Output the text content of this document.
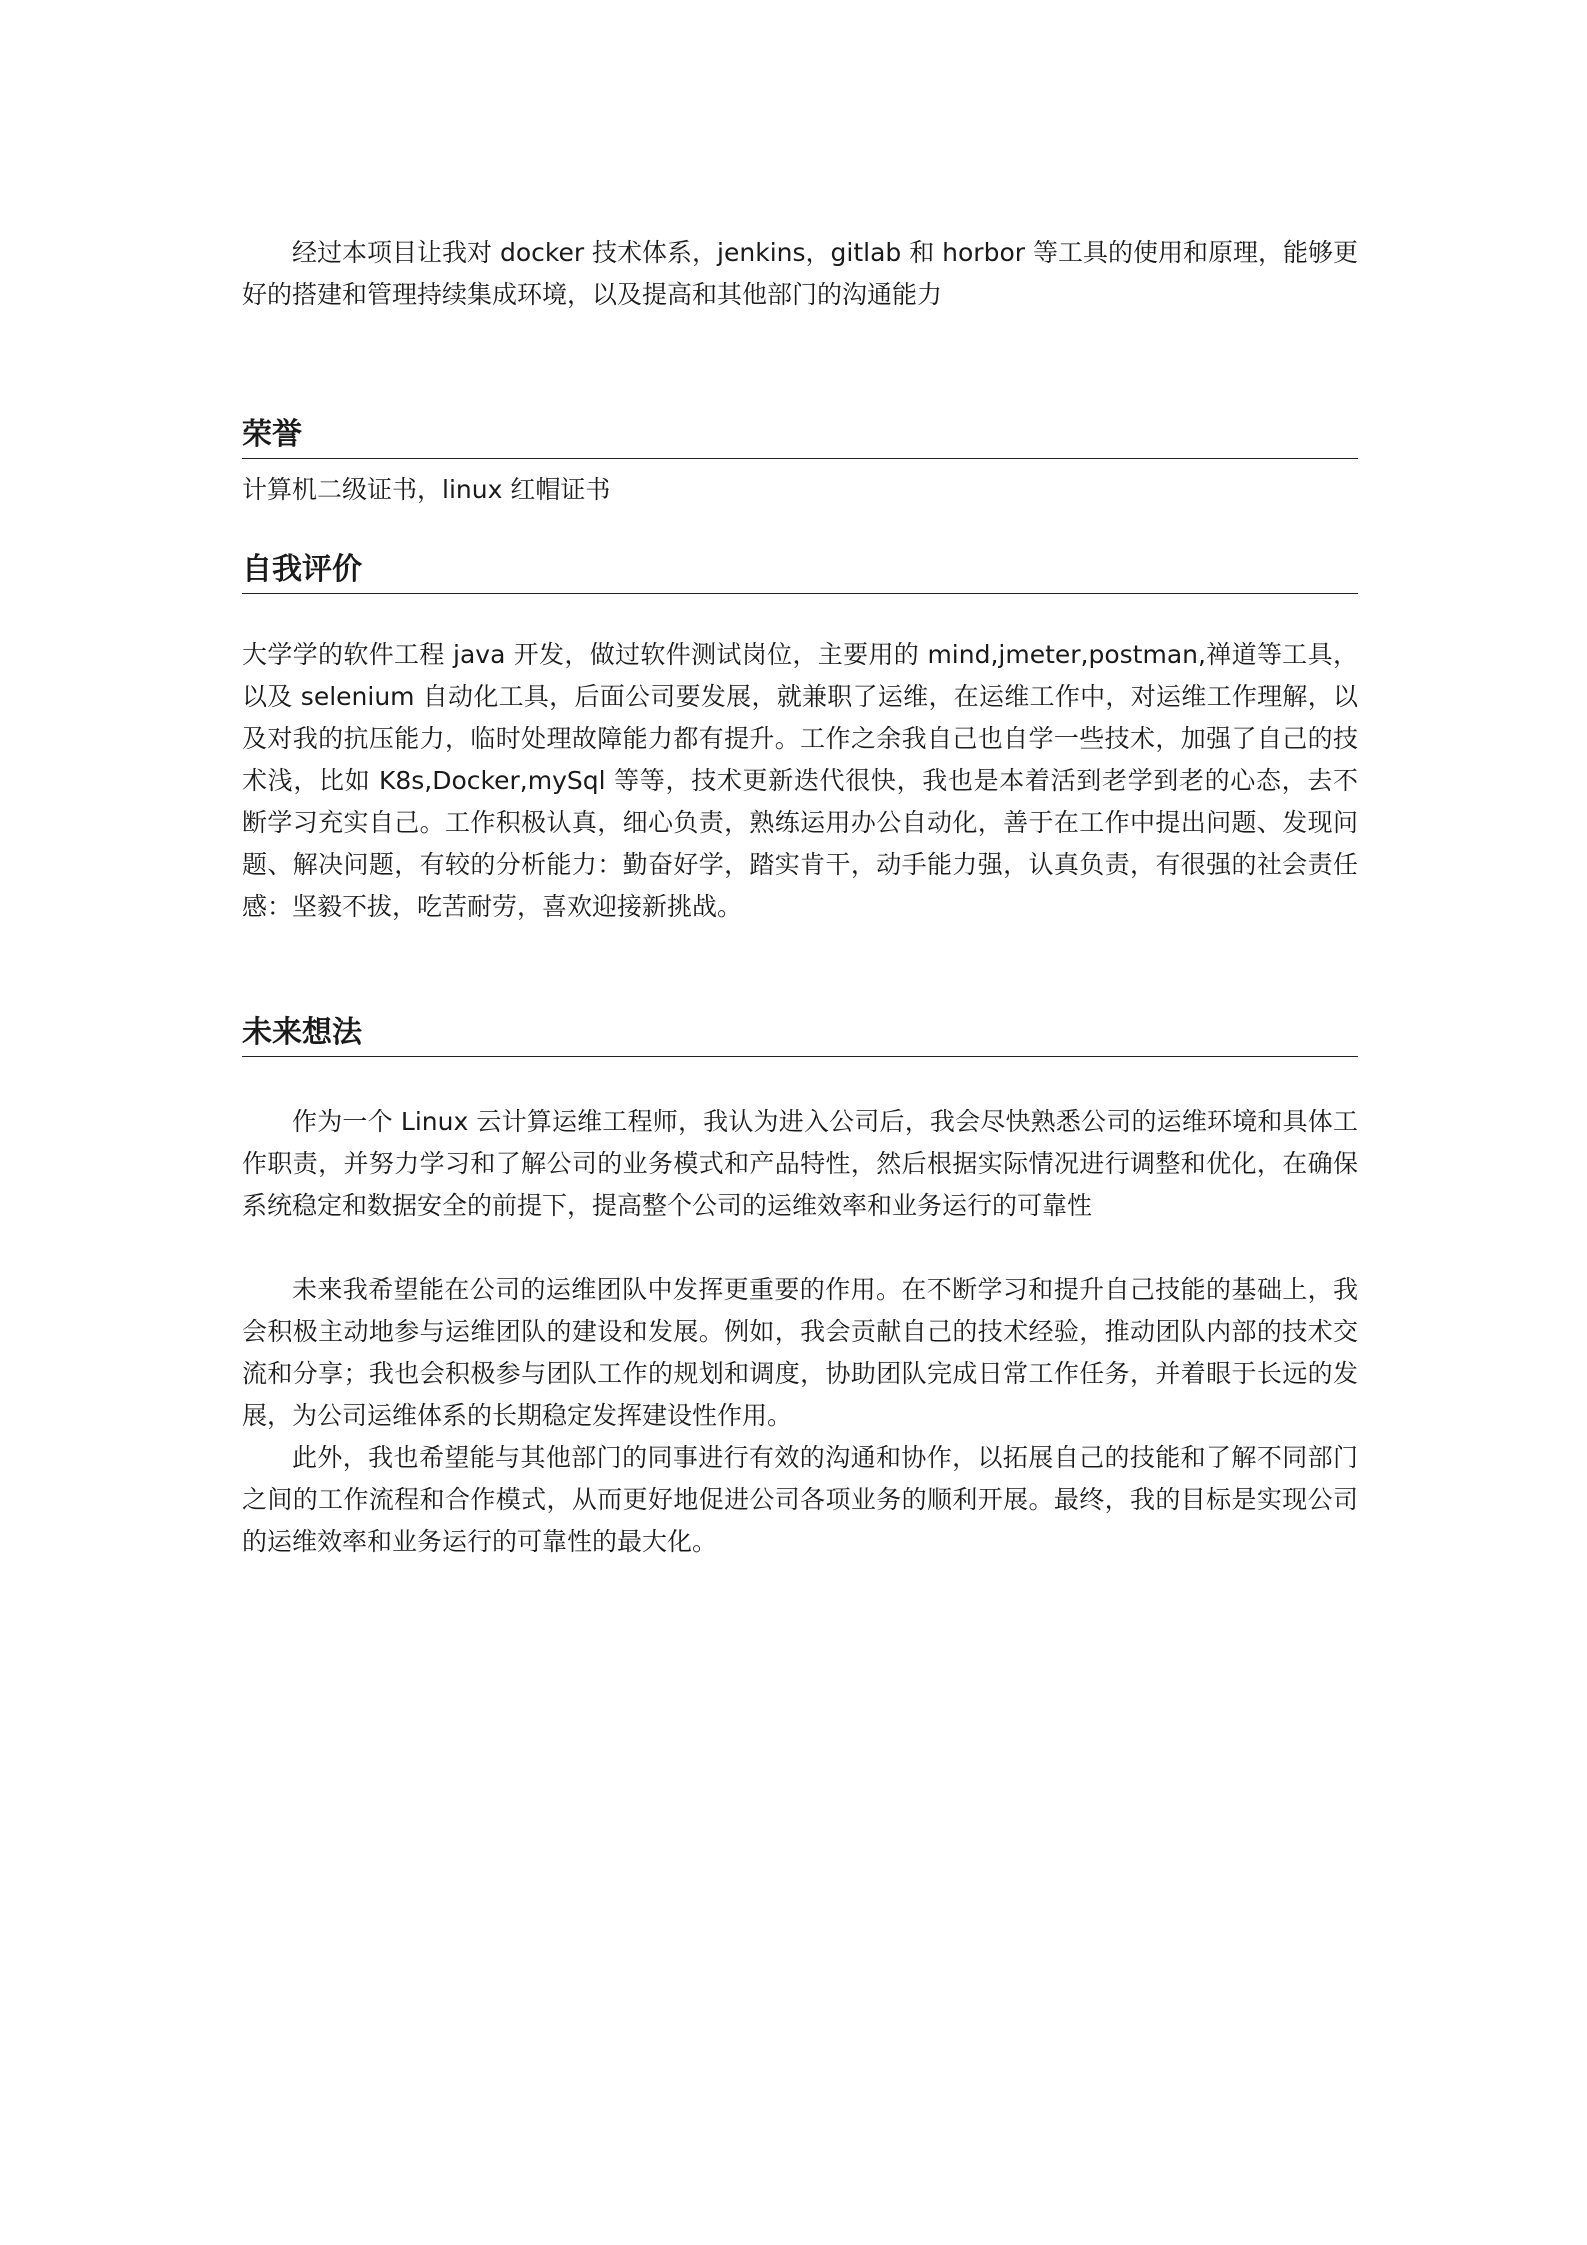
经过本项目让我对 docker 技术体系，jenkins，gitlab 和 horbor 等工具的使用和原理，能够更好的搭建和管理持续集成环境，以及提高和其他部门的沟通能力

荣誉

计算机二级证书，linux 红帽证书

自我评价

大学学的软件工程 java 开发，做过软件测试岗位，主要用的 mind,jmeter,postman,禅道等工具，以及 selenium 自动化工具，后面公司要发展，就兼职了运维，在运维工作中，对运维工作理解，以及对我的抗压能力，临时处理故障能力都有提升。工作之余我自己也自学一些技术，加强了自己的技术浅，比如 K8s,Docker,mySql 等等，技术更新迭代很快，我也是本着活到老学到老的心态，去不断学习充实自己。工作积极认真，细心负责，熟练运用办公自动化，善于在工作中提出问题、发现问题、解决问题，有较的分析能力：勤奋好学，踏实肯干，动手能力强，认真负责，有很强的社会责任感：坚毅不拔，吃苦耐劳，喜欢迎接新挑战。

未来想法

作为一个 Linux 云计算运维工程师，我认为进入公司后，我会尽快熟悉公司的运维环境和具体工作职责，并努力学习和了解公司的业务模式和产品特性，然后根据实际情况进行调整和优化，在确保系统稳定和数据安全的前提下，提高整个公司的运维效率和业务运行的可靠性

未来我希望能在公司的运维团队中发挥更重要的作用。在不断学习和提升自己技能的基础上，我会积极主动地参与运维团队的建设和发展。例如，我会贡献自己的技术经验，推动团队内部的技术交流和分享；我也会积极参与团队工作的规划和调度，协助团队完成日常工作任务，并着眼于长远的发展，为公司运维体系的长期稳定发挥建设性作用。

此外，我也希望能与其他部门的同事进行有效的沟通和协作，以拓展自己的技能和了解不同部门之间的工作流程和合作模式，从而更好地促进公司各项业务的顺利开展。最终，我的目标是实现公司的运维效率和业务运行的可靠性的最大化。
